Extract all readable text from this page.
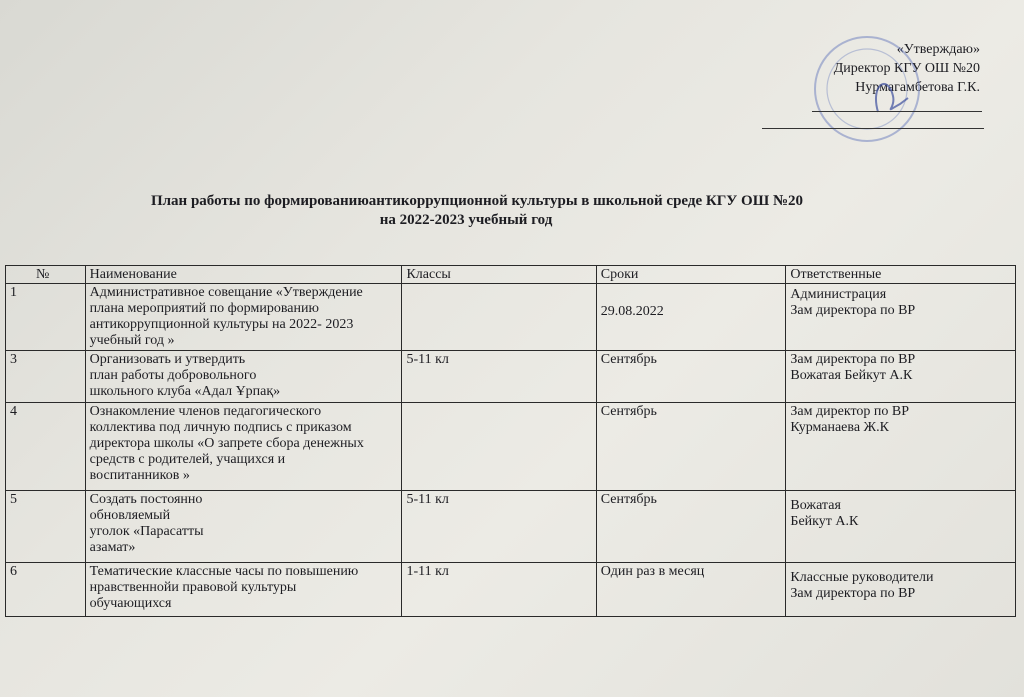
«Утверждаю»
Директор КГУ ОШ №20
Нурмагамбетова Г.К.
План работы по формированиюантикоррупционной культуры в школьной среде КГУ ОШ №20
на 2022-2023 учебный год
№	Наименование	Классы	Сроки	Ответственные
1	Административное совещание «Утверждение
плана мероприятий по формированию
антикоррупционной культуры на 2022- 2023
учебный год »		29.08.2022	Администрация
Зам директора по ВР

3	Организовать и утвердить
план работы добровольного
школьного клуба «Адал Ұрпақ»	5-11 кл	Сентябрь	Зам директора по ВР
Вожатая Бейкут А.К

4	Ознакомление членов педагогического
коллектива под личную подпись с приказом
директора школы «О запрете сбора денежных
средств с родителей, учащихся и
воспитанников »		Сентябрь	Зам директор по ВР
Курманаева Ж.К

5	Создать постоянно
обновляемый
уголок «Парасатты
азамат»	5-11 кл	Сентябрь	Вожатая
Бейкут А.К

6	Тематические классные часы по повышению
нравственнойи правовой культуры
обучающихся	1-11 кл	Один раз в месяц	Классные руководители
Зам директора по ВР
